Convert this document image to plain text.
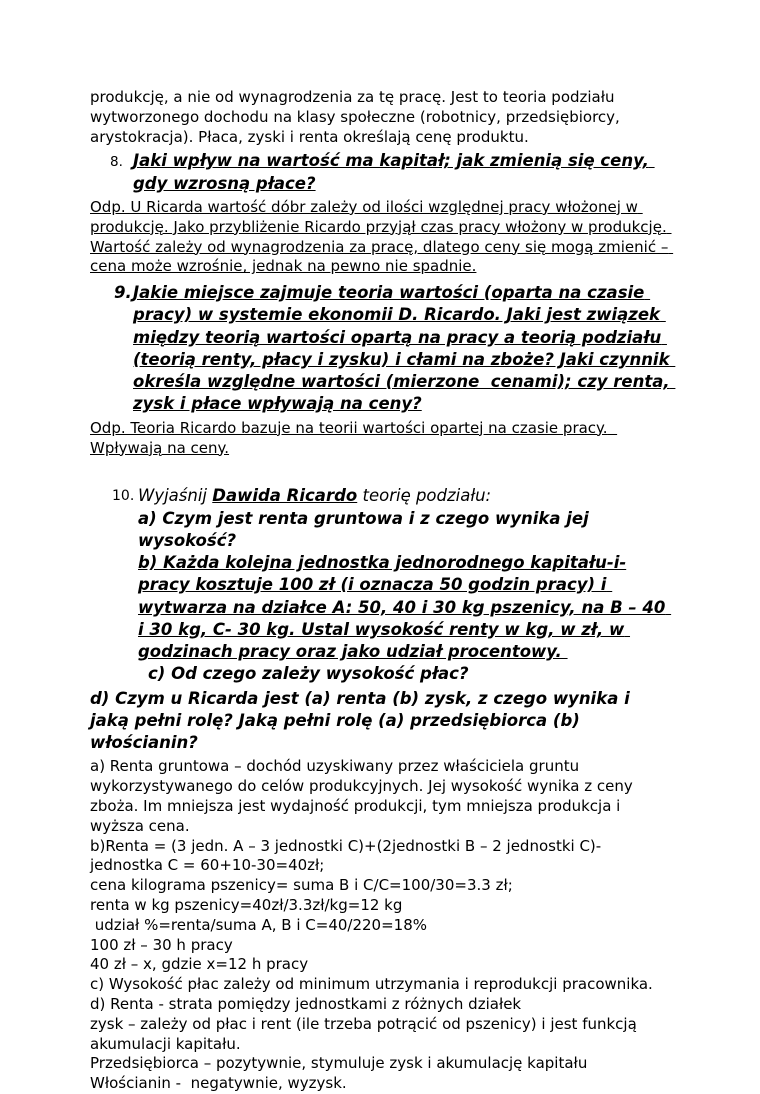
produkcję, a nie od wynagrodzenia za tę pracę. Jest to teoria podziału wytworzonego dochodu na klasy społeczne (robotnicy, przedsiębiorcy, arystokracja). Płaca, zyski i renta określają cenę produktu.

8. Jaki wpływ na wartość ma kapitał; jak zmienią się ceny, gdy wzrosną płace?

Odp. U Ricarda wartość dóbr zależy od ilości względnej pracy włożonej w produkcję. Jako przybliżenie Ricardo przyjął czas pracy włożony w produkcję. Wartość zależy od wynagrodzenia za pracę, dlatego ceny się mogą zmienić – cena może wzrośnie, jednak na pewno nie spadnie.

9. Jakie miejsce zajmuje teoria wartości (oparta na czasie pracy) w systemie ekonomii D. Ricardo. Jaki jest związek między teorią wartości opartą na pracy a teorią podziału (teorią renty, płacy i zysku) i cłami na zboże? Jaki czynnik określa względne wartości (mierzone  cenami); czy renta, zysk i płace wpływają na ceny?

Odp. Teoria Ricardo bazuje na teorii wartości opartej na czasie pracy.  Wpływają na ceny.

10. Wyjaśnij Dawida Ricardo teorię podziału:

a) Czym jest renta gruntowa i z czego wynika jej wysokość?

b) Każda kolejna jednostka jednorodnego kapitału-i-pracy kosztuje 100 zł (i oznacza 50 godzin pracy) i wytwarza na działce A: 50, 40 i 30 kg pszenicy, na B – 40 i 30 kg, C- 30 kg. Ustal wysokość renty w kg, w zł, w godzinach pracy oraz jako udział procentowy.

c) Od czego zależy wysokość płac?

d) Czym u Ricarda jest (a) renta (b) zysk, z czego wynika i jaką pełni rolę? Jaką pełni rolę (a) przedsiębiorca (b) włościanin?

a) Renta gruntowa – dochód uzyskiwany przez właściciela gruntu wykorzystywanego do celów produkcyjnych. Jej wysokość wynika z ceny zboża. Im mniejsza jest wydajność produkcji, tym mniejsza produkcja i wyższa cena.

b)Renta = (3 jedn. A – 3 jednostki C)+(2jednostki B – 2 jednostki C)-jednostka C = 60+10-30=40zł;

cena kilograma pszenicy= suma B i C/C=100/30=3.3 zł;

renta w kg pszenicy=40zł/3.3zł/kg=12 kg

udział %=renta/suma A, B i C=40/220=18%

100 zł – 30 h pracy

40 zł – x, gdzie x=12 h pracy

c) Wysokość płac zależy od minimum utrzymania i reprodukcji pracownika.

d) Renta - strata pomiędzy jednostkami z różnych działek

zysk – zależy od płac i rent (ile trzeba potrącić od pszenicy) i jest funkcją akumulacji kapitału.

Przedsiębiorca – pozytywnie, stymuluje zysk i akumulację kapitału

Włościanin -  negatywnie, wyzysk.
